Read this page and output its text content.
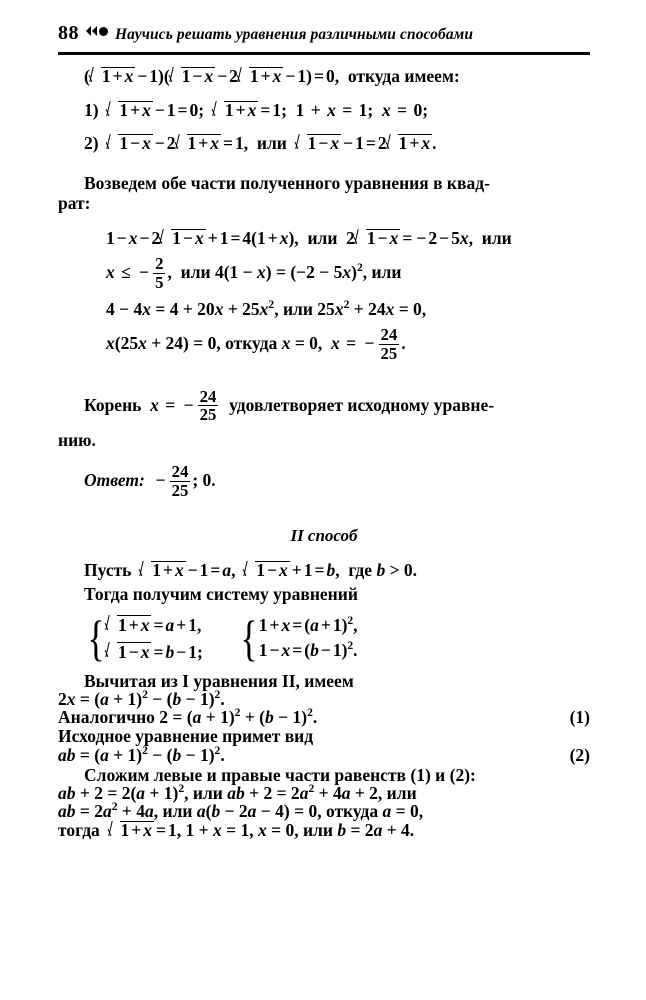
88 Научись решать уравнения различными способами
( 1 + x − 1)( 1 − x − 2 1 + x − 1) = 0, откуда имеем:
1) 1 + x − 1 = 0; 1 + x = 1; 1 + x = 1; x = 0;
2) 1 − x − 2 1 + x = 1, или 1 − x − 1 = 2 1 + x .
Возведем обе части полученного уравнения в квад-
рат:
1 − x − 2 1 − x + 1 = 4(1 + x), или 2 1 − x = − 2 − 5x, или
x ≤ − $\frac{2}{5}$ , или $4(1 - x) = (-2 - 5x)^2$, или
$4 - 4x = 4 + 20x + 25x^2$, или $25x^2 + 24x = 0$,
x(25x + 24) = 0, откуда x = 0,  x = − $\frac{24}{25}$ .
Корень x = − $\frac{24}{25}$ удовлетворяет исходному уравне-
нию.
Ответ: − $\frac{24}{25}$ ; 0.
II способ
Пусть 1 + x − 1 = a, 1 − x + 1 = b, где b > 0.
Тогда получим систему уравнений
{ 1 + x = a + 1,
1 − x = b − 1; { $1 + x = (a + 1)^2$,
$1 - x = (b - 1)^2$.
Вычитая из I уравнения II, имеем
$2x = (a + 1)^2 - (b - 1)^2$.
Аналогично $2 = (a + 1)^2 + (b - 1)^2$.	(1)
Исходное уравнение примет вид
ab = $(a + 1)^2 - (b - 1)^2$.	(2)
Сложим левые и правые части равенств (1) и (2):
ab + $2 = 2(a + 1)^2$, или ab + $2 = 2a^2 + 4a + 2$, или
ab = $2a^2 + 4a$, или a(b − 2a − 4) = 0, откуда a = 0,
тогда 1 + x = 1, 1 + x = 1, x = 0, или b = 2a + 4.
